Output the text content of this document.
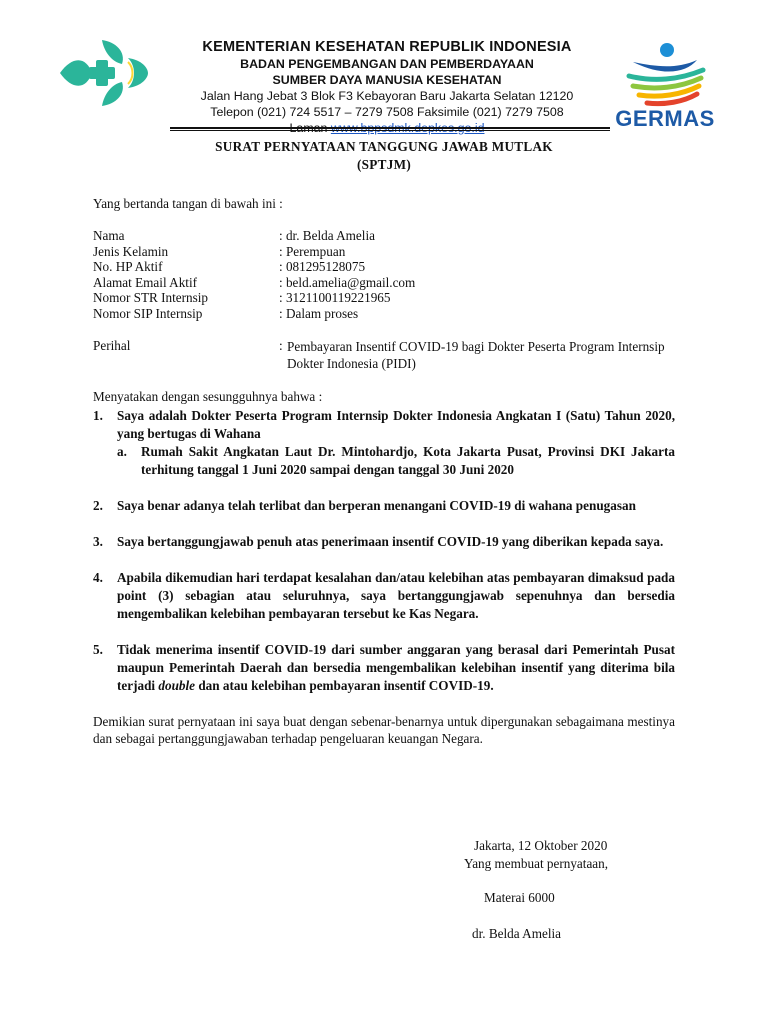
KEMENTERIAN KESEHATAN REPUBLIK INDONESIA
BADAN PENGEMBANGAN DAN PEMBERDAYAAN
SUMBER DAYA MANUSIA KESEHATAN
Jalan Hang Jebat 3 Blok F3 Kebayoran Baru Jakarta Selatan 12120
Telepon (021) 724 5517 – 7279 7508 Faksimile (021) 7279 7508
Laman www.bppsdmk.depkes.go.id	GERMAS
SURAT PERNYATAAN TANGGUNG JAWAB MUTLAK
(SPTJM)
Yang bertanda tangan di bawah ini :
Nama	: dr. Belda Amelia	
Jenis Kelamin	: Perempuan	
No. HP Aktif	: 081295128075	
Alamat Email Aktif	: beld.amelia@gmail.com	
Nomor STR Internsip	: 3121100119221965	
Nomor SIP Internsip	: Dalam proses	

Perihal	:	Pembayaran Insentif COVID-19 bagi Dokter Peserta Program Internsip Dokter Indonesia (PIDI)
Menyatakan dengan sesungguhnya bahwa :
1.	Saya adalah Dokter Peserta Program Internsip Dokter Indonesia Angkatan I (Satu) Tahun 2020, yang bertugas di Wahana
a.	Rumah Sakit Angkatan Laut Dr. Mintohardjo, Kota Jakarta Pusat, Provinsi DKI Jakarta terhitung tanggal 1 Juni 2020 sampai dengan tanggal 30 Juni 2020
2.	Saya benar adanya telah terlibat dan berperan menangani COVID-19 di wahana penugasan
3.	Saya bertanggungjawab penuh atas penerimaan insentif COVID-19 yang diberikan kepada saya.
4.	Apabila dikemudian hari terdapat kesalahan dan/atau kelebihan atas pembayaran dimaksud pada point (3) sebagian atau seluruhnya, saya bertanggungjawab sepenuhnya dan bersedia mengembalikan kelebihan pembayaran tersebut ke Kas Negara.
5.	Tidak menerima insentif COVID-19 dari sumber anggaran yang berasal dari Pemerintah Pusat maupun Pemerintah Daerah dan bersedia mengembalikan kelebihan insentif yang diterima bila terjadi double dan atau kelebihan pembayaran insentif COVID-19.
Demikian surat pernyataan ini saya buat dengan sebenar-benarnya untuk dipergunakan sebagaimana mestinya dan sebagai pertanggungjawaban terhadap pengeluaran keuangan Negara.
Jakarta, 12 Oktober 2020
Yang membuat pernyataan,
Materai 6000
dr. Belda Amelia
